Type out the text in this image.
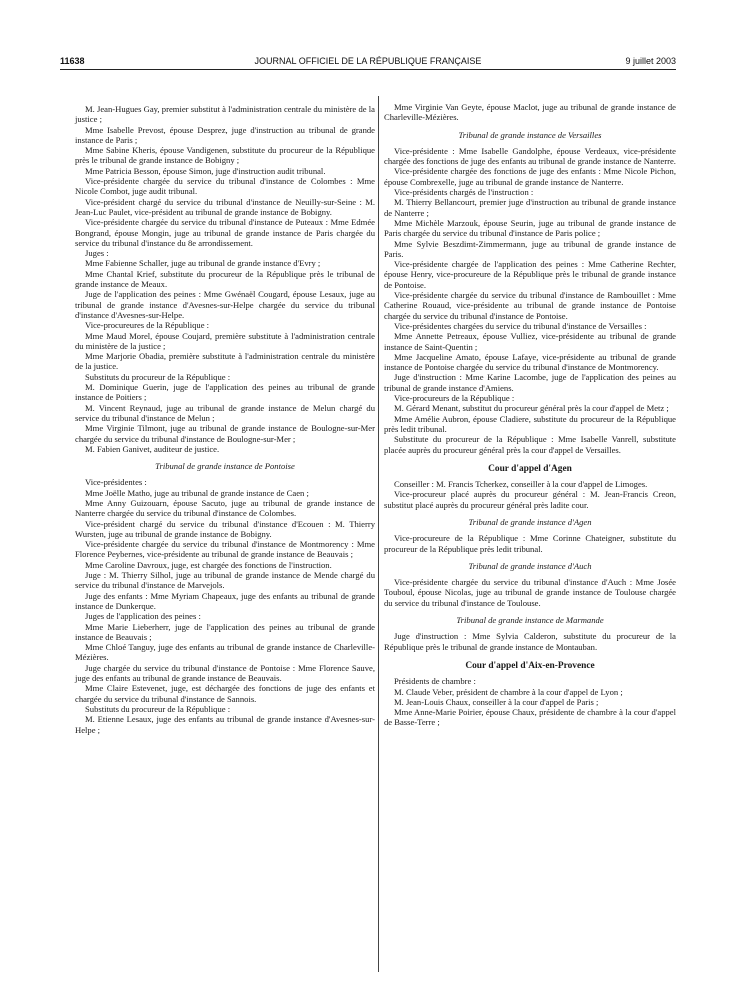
11638	JOURNAL OFFICIEL DE LA RÉPUBLIQUE FRANÇAISE	9 juillet 2003

M. Jean-Hugues Gay, premier substitut à l'administration centrale du ministère de la justice ;

Mme Isabelle Prevost, épouse Desprez, juge d'instruction au tribunal de grande instance de Paris ;

Mme Sabine Kheris, épouse Vandigenen, substitute du procureur de la République près le tribunal de grande instance de Bobigny ;

Mme Patricia Besson, épouse Simon, juge d'instruction audit tribunal.

Vice-présidente chargée du service du tribunal d'instance de Colombes : Mme Nicole Combot, juge audit tribunal.

Vice-président chargé du service du tribunal d'instance de Neuilly-sur-Seine : M. Jean-Luc Paulet, vice-président au tribunal de grande instance de Bobigny.

Vice-présidente chargée du service du tribunal d'instance de Puteaux : Mme Edmée Bongrand, épouse Mongin, juge au tribunal de grande instance de Paris chargée du service du tribunal d'instance du 8e arrondissement.

Juges :

Mme Fabienne Schaller, juge au tribunal de grande instance d'Evry ;

Mme Chantal Krief, substitute du procureur de la République près le tribunal de grande instance de Meaux.

Juge de l'application des peines : Mme Gwénaël Cougard, épouse Lesaux, juge au tribunal de grande instance d'Avesnes-sur-Helpe chargée du service du tribunal d'instance d'Avesnes-sur-Helpe.

Vice-procureures de la République :

Mme Maud Morel, épouse Coujard, première substitute à l'administration centrale du ministère de la justice ;

Mme Marjorie Obadia, première substitute à l'administration centrale du ministère de la justice.

Substituts du procureur de la République :

M. Dominique Guerin, juge de l'application des peines au tribunal de grande instance de Poitiers ;

M. Vincent Reynaud, juge au tribunal de grande instance de Melun chargé du service du tribunal d'instance de Melun ;

Mme Virginie Tilmont, juge au tribunal de grande instance de Boulogne-sur-Mer chargée du service du tribunal d'instance de Boulogne-sur-Mer ;

M. Fabien Ganivet, auditeur de justice.

Tribunal de grande instance de Pontoise

Vice-présidentes :

Mme Joëlle Matho, juge au tribunal de grande instance de Caen ;

Mme Anny Guizouarn, épouse Sacuto, juge au tribunal de grande instance de Nanterre chargée du service du tribunal d'instance de Colombes.

Vice-président chargé du service du tribunal d'instance d'Ecouen : M. Thierry Wursten, juge au tribunal de grande instance de Bobigny.

Vice-présidente chargée du service du tribunal d'instance de Montmorency : Mme Florence Peybernes, vice-présidente au tribunal de grande instance de Beauvais ;

Mme Caroline Davroux, juge, est chargée des fonctions de l'instruction.

Juge : M. Thierry Silhol, juge au tribunal de grande instance de Mende chargé du service du tribunal d'instance de Marvejols.

Juge des enfants : Mme Myriam Chapeaux, juge des enfants au tribunal de grande instance de Dunkerque.

Juges de l'application des peines :

Mme Marie Lieberherr, juge de l'application des peines au tribunal de grande instance de Beauvais ;

Mme Chloé Tanguy, juge des enfants au tribunal de grande instance de Charleville-Mézières.

Juge chargée du service du tribunal d'instance de Pontoise : Mme Florence Sauve, juge des enfants au tribunal de grande instance de Beauvais.

Mme Claire Estevenet, juge, est déchargée des fonctions de juge des enfants et chargée du service du tribunal d'instance de Sannois.

Substituts du procureur de la République :

M. Etienne Lesaux, juge des enfants au tribunal de grande instance d'Avesnes-sur-Helpe ;

Mme Virginie Van Geyte, épouse Maclot, juge au tribunal de grande instance de Charleville-Mézières.

Tribunal de grande instance de Versailles

Vice-présidente : Mme Isabelle Gandolphe, épouse Verdeaux, vice-présidente chargée des fonctions de juge des enfants au tribunal de grande instance de Nanterre.

Vice-présidente chargée des fonctions de juge des enfants : Mme Nicole Pichon, épouse Combrexelle, juge au tribunal de grande instance de Nanterre.

Vice-présidents chargés de l'instruction :

M. Thierry Bellancourt, premier juge d'instruction au tribunal de grande instance de Nanterre ;

Mme Michèle Marzouk, épouse Seurin, juge au tribunal de grande instance de Paris chargée du service du tribunal d'instance de Paris police ;

Mme Sylvie Beszdimt-Zimmermann, juge au tribunal de grande instance de Paris.

Vice-présidente chargée de l'application des peines : Mme Catherine Rechter, épouse Henry, vice-procureure de la République près le tribunal de grande instance de Pontoise.

Vice-présidente chargée du service du tribunal d'instance de Rambouillet : Mme Catherine Rouaud, vice-présidente au tribunal de grande instance de Pontoise chargée du service du tribunal d'instance de Pontoise.

Vice-présidentes chargées du service du tribunal d'instance de Versailles :

Mme Annette Petreaux, épouse Vulliez, vice-présidente au tribunal de grande instance de Saint-Quentin ;

Mme Jacqueline Amato, épouse Lafaye, vice-présidente au tribunal de grande instance de Pontoise chargée du service du tribunal d'instance de Montmorency.

Juge d'instruction : Mme Karine Lacombe, juge de l'application des peines au tribunal de grande instance d'Amiens.

Vice-procureurs de la République :

M. Gérard Menant, substitut du procureur général près la cour d'appel de Metz ;

Mme Amélie Aubron, épouse Cladiere, substitute du procureur de la République près ledit tribunal.

Substitute du procureur de la République : Mme Isabelle Vanrell, substitute placée auprès du procureur général près la cour d'appel de Versailles.

Cour d'appel d'Agen

Conseiller : M. Francis Tcherkez, conseiller à la cour d'appel de Limoges.

Vice-procureur placé auprès du procureur général : M. Jean-Francis Creon, substitut placé auprès du procureur général près ladite cour.

Tribunal de grande instance d'Agen

Vice-procureure de la République : Mme Corinne Chateigner, substitute du procureur de la République près ledit tribunal.

Tribunal de grande instance d'Auch

Vice-présidente chargée du service du tribunal d'instance d'Auch : Mme Josée Touboul, épouse Nicolas, juge au tribunal de grande instance de Toulouse chargée du service du tribunal d'instance de Toulouse.

Tribunal de grande instance de Marmande

Juge d'instruction : Mme Sylvia Calderon, substitute du procureur de la République près le tribunal de grande instance de Montauban.

Cour d'appel d'Aix-en-Provence

Présidents de chambre :

M. Claude Veber, président de chambre à la cour d'appel de Lyon ;

M. Jean-Louis Chaux, conseiller à la cour d'appel de Paris ;

Mme Anne-Marie Poirier, épouse Chaux, présidente de chambre à la cour d'appel de Basse-Terre ;
